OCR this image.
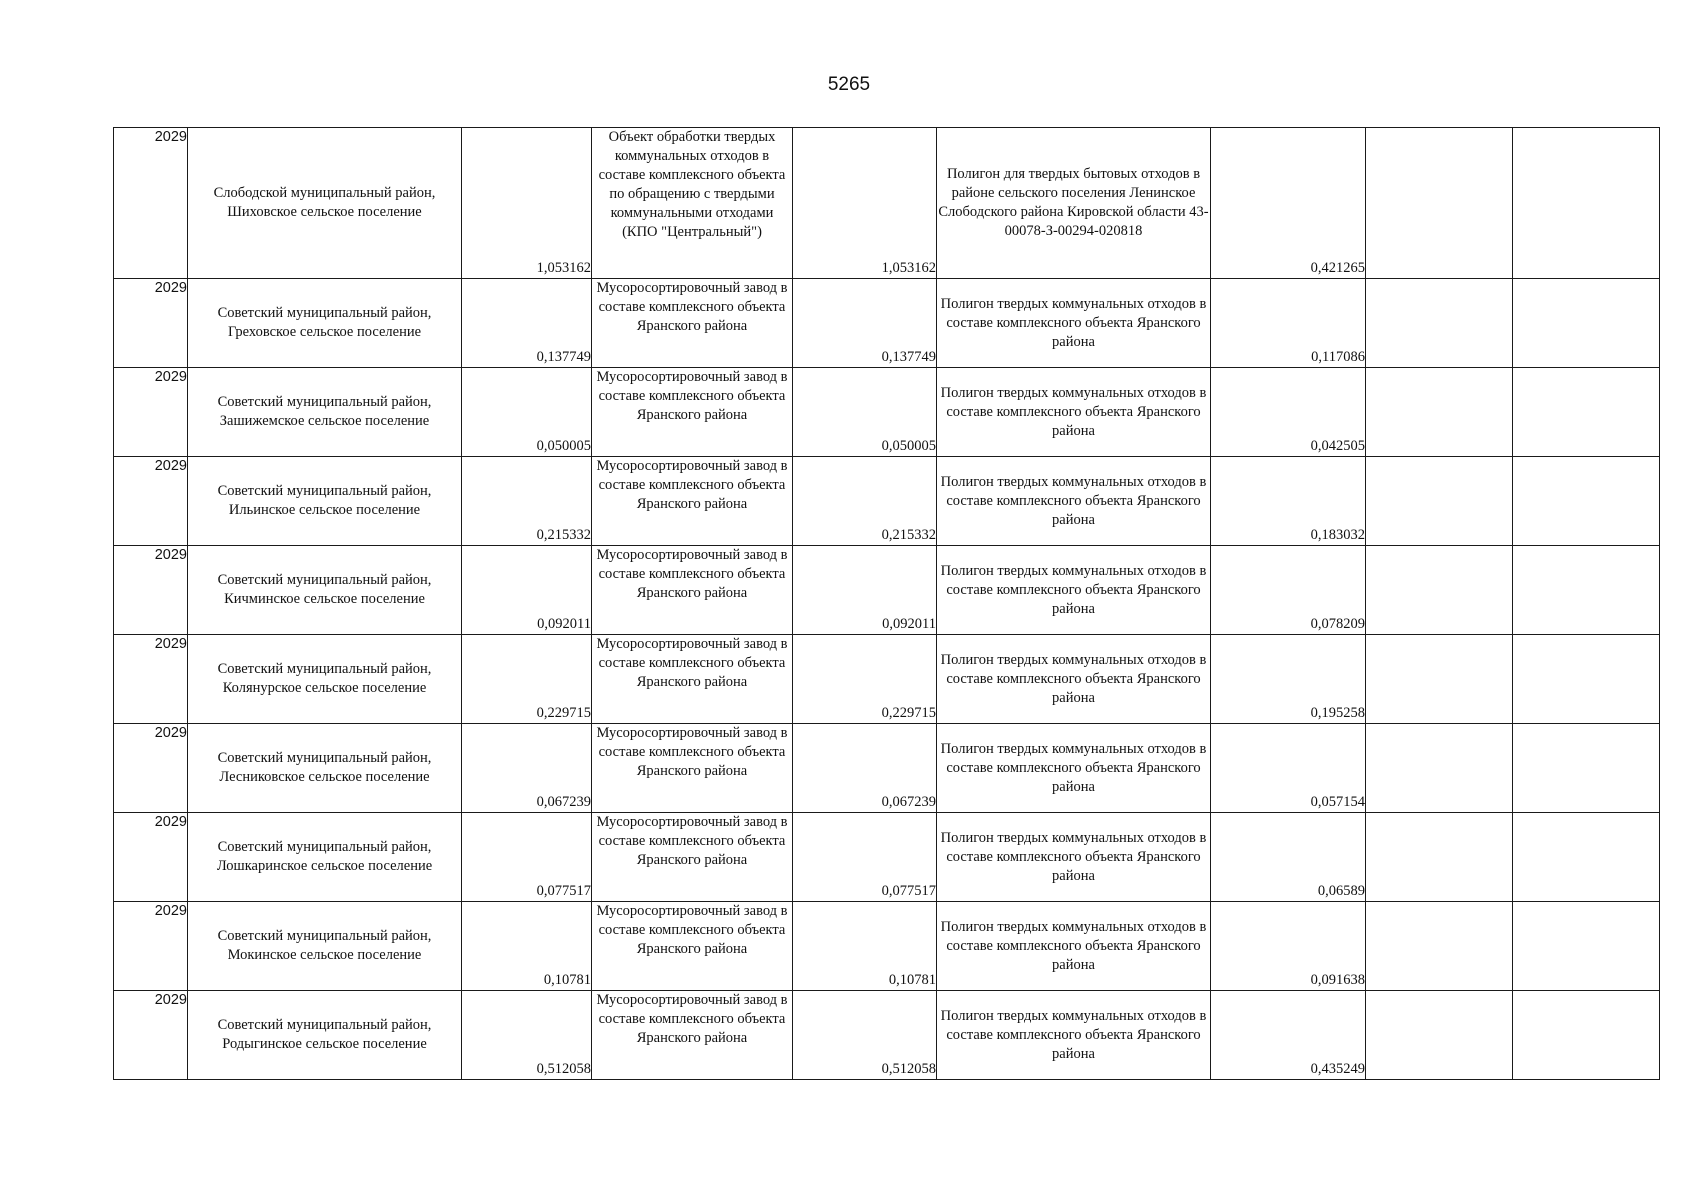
5265
2029	Слободской муниципальный район, Шиховское сельское поселение	1,053162	Объект обработки твердых коммунальных отходов в составе комплексного объекта по обращению с твердыми коммунальными отходами (КПО "Центральный")	1,053162	Полигон для твердых бытовых отходов в районе сельского поселения Ленинское Слободского района Кировской области 43-00078-З-00294-020818	0,421265		
2029	Советский муниципальный район, Греховское сельское поселение	0,137749	Мусоросортировочный завод в составе комплексного объекта Яранского района	0,137749	Полигон твердых коммунальных отходов в составе комплексного объекта Яранского района	0,117086		
2029	Советский муниципальный район, Зашижемское сельское поселение	0,050005	Мусоросортировочный завод в составе комплексного объекта Яранского района	0,050005	Полигон твердых коммунальных отходов в составе комплексного объекта Яранского района	0,042505		
2029	Советский муниципальный район, Ильинское сельское поселение	0,215332	Мусоросортировочный завод в составе комплексного объекта Яранского района	0,215332	Полигон твердых коммунальных отходов в составе комплексного объекта Яранского района	0,183032		
2029	Советский муниципальный район, Кичминское сельское поселение	0,092011	Мусоросортировочный завод в составе комплексного объекта Яранского района	0,092011	Полигон твердых коммунальных отходов в составе комплексного объекта Яранского района	0,078209		
2029	Советский муниципальный район, Колянурское сельское поселение	0,229715	Мусоросортировочный завод в составе комплексного объекта Яранского района	0,229715	Полигон твердых коммунальных отходов в составе комплексного объекта Яранского района	0,195258		
2029	Советский муниципальный район, Лесниковское сельское поселение	0,067239	Мусоросортировочный завод в составе комплексного объекта Яранского района	0,067239	Полигон твердых коммунальных отходов в составе комплексного объекта Яранского района	0,057154		
2029	Советский муниципальный район, Лошкаринское сельское поселение	0,077517	Мусоросортировочный завод в составе комплексного объекта Яранского района	0,077517	Полигон твердых коммунальных отходов в составе комплексного объекта Яранского района	0,06589		
2029	Советский муниципальный район, Мокинское сельское поселение	0,10781	Мусоросортировочный завод в составе комплексного объекта Яранского района	0,10781	Полигон твердых коммунальных отходов в составе комплексного объекта Яранского района	0,091638		
2029	Советский муниципальный район, Родыгинское сельское поселение	0,512058	Мусоросортировочный завод в составе комплексного объекта Яранского района	0,512058	Полигон твердых коммунальных отходов в составе комплексного объекта Яранского района	0,435249		
